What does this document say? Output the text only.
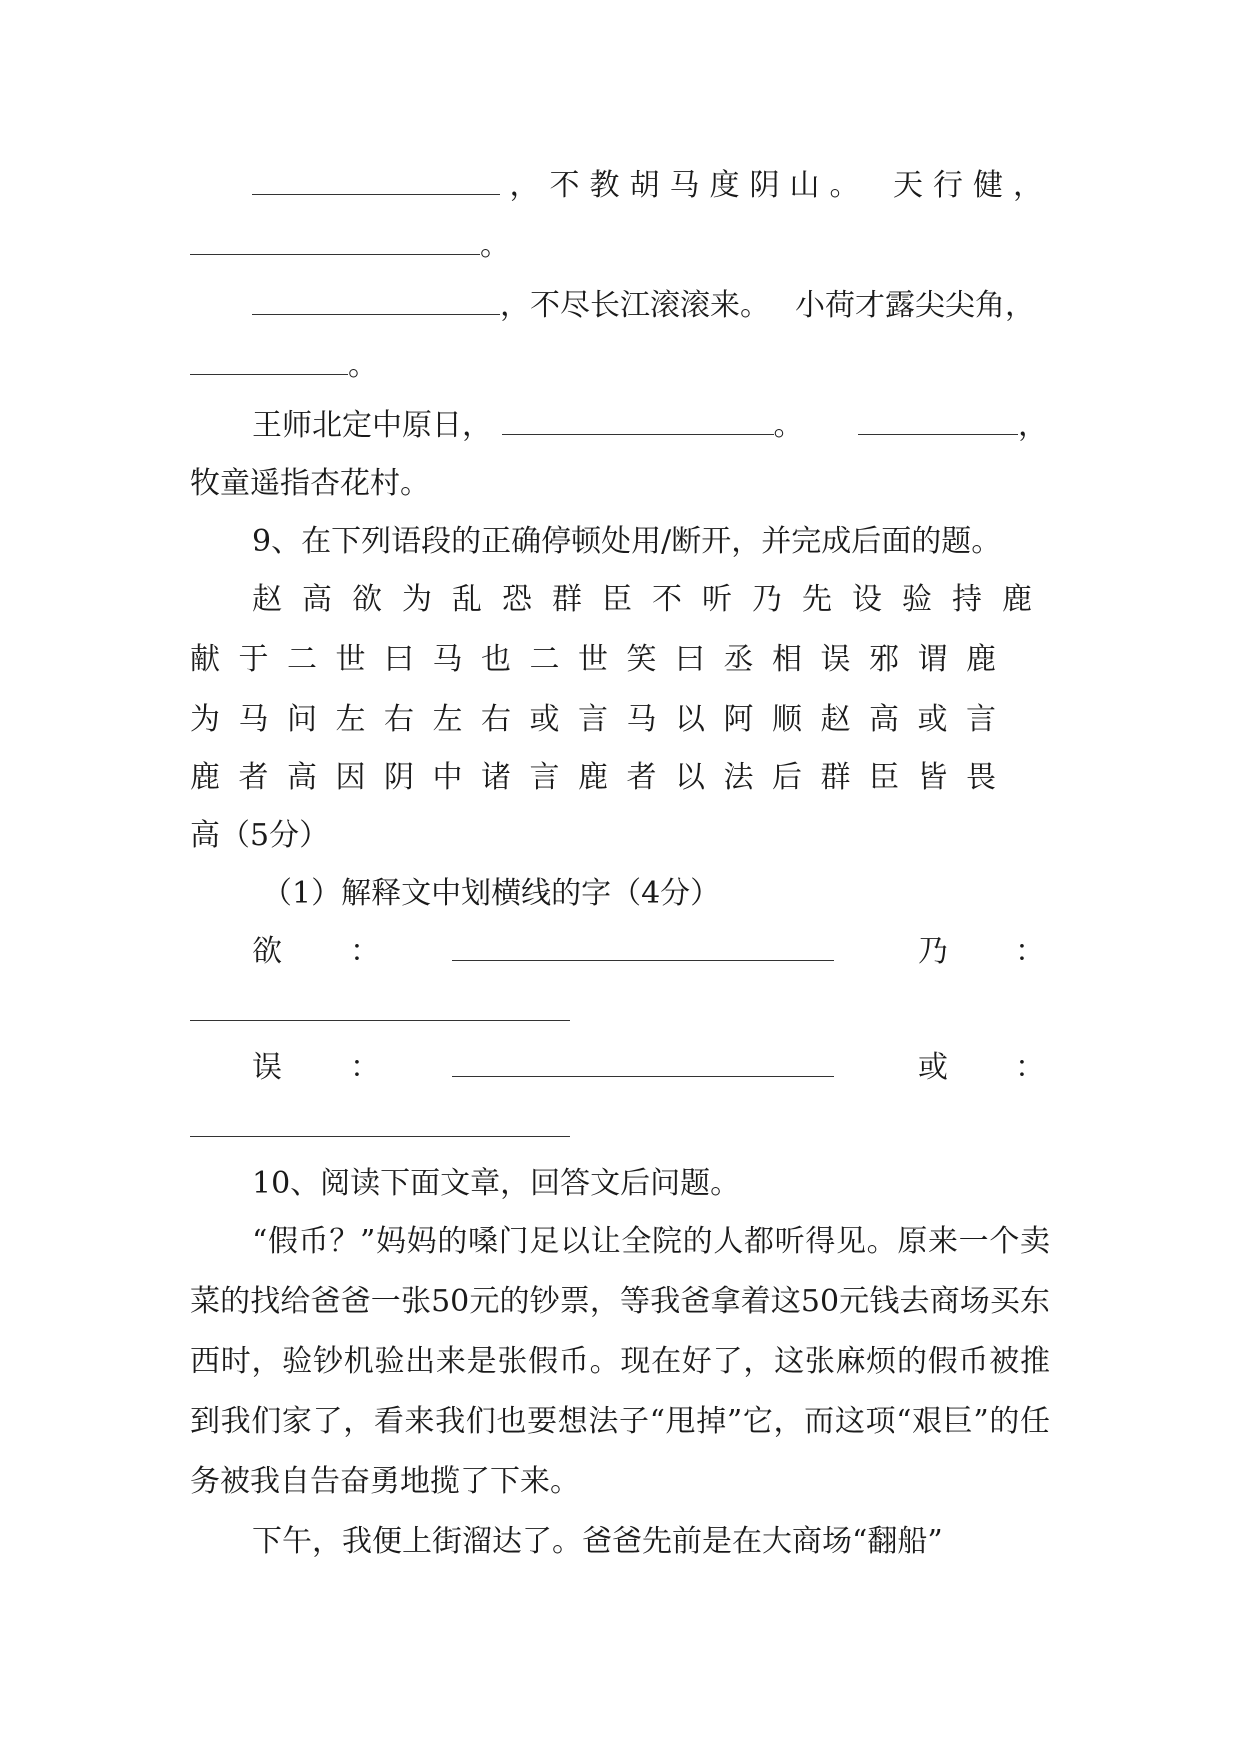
，不教胡马度阴山。 天行健，
。
，不尽长江滚滚来。 小荷才露尖尖角，
。
王师北定中原日，	。	，
牧童遥指杏花村。
9、在下列语段的正确停顿处用/断开，并完成后面的题。
赵高欲为乱恐群臣不听乃先设验持鹿
献于二世曰马也二世笑曰丞相误邪谓鹿
为马问左右左右或言马以阿顺赵高或言
鹿者高因阴中诸言鹿者以法后群臣皆畏
高（5分）
（1）解释文中划横线的字（4分）
欲 ：	乃 ：
误 ：	或 ：
10、阅读下面文章，回答文后问题。
“假币？”妈妈的嗓门足以让全院的人都听得见。原来一个卖菜的找给爸爸一张50元的钞票，等我爸拿着这50元钱去商场买东西时，验钞机验出来是张假币。现在好了，这张麻烦的假币被推到我们家了，看来我们也要想法子“甩掉”它，而这项“艰巨”的任务被我自告奋勇地揽了下来。
下午，我便上街溜达了。爸爸先前是在大商场“翻船”
